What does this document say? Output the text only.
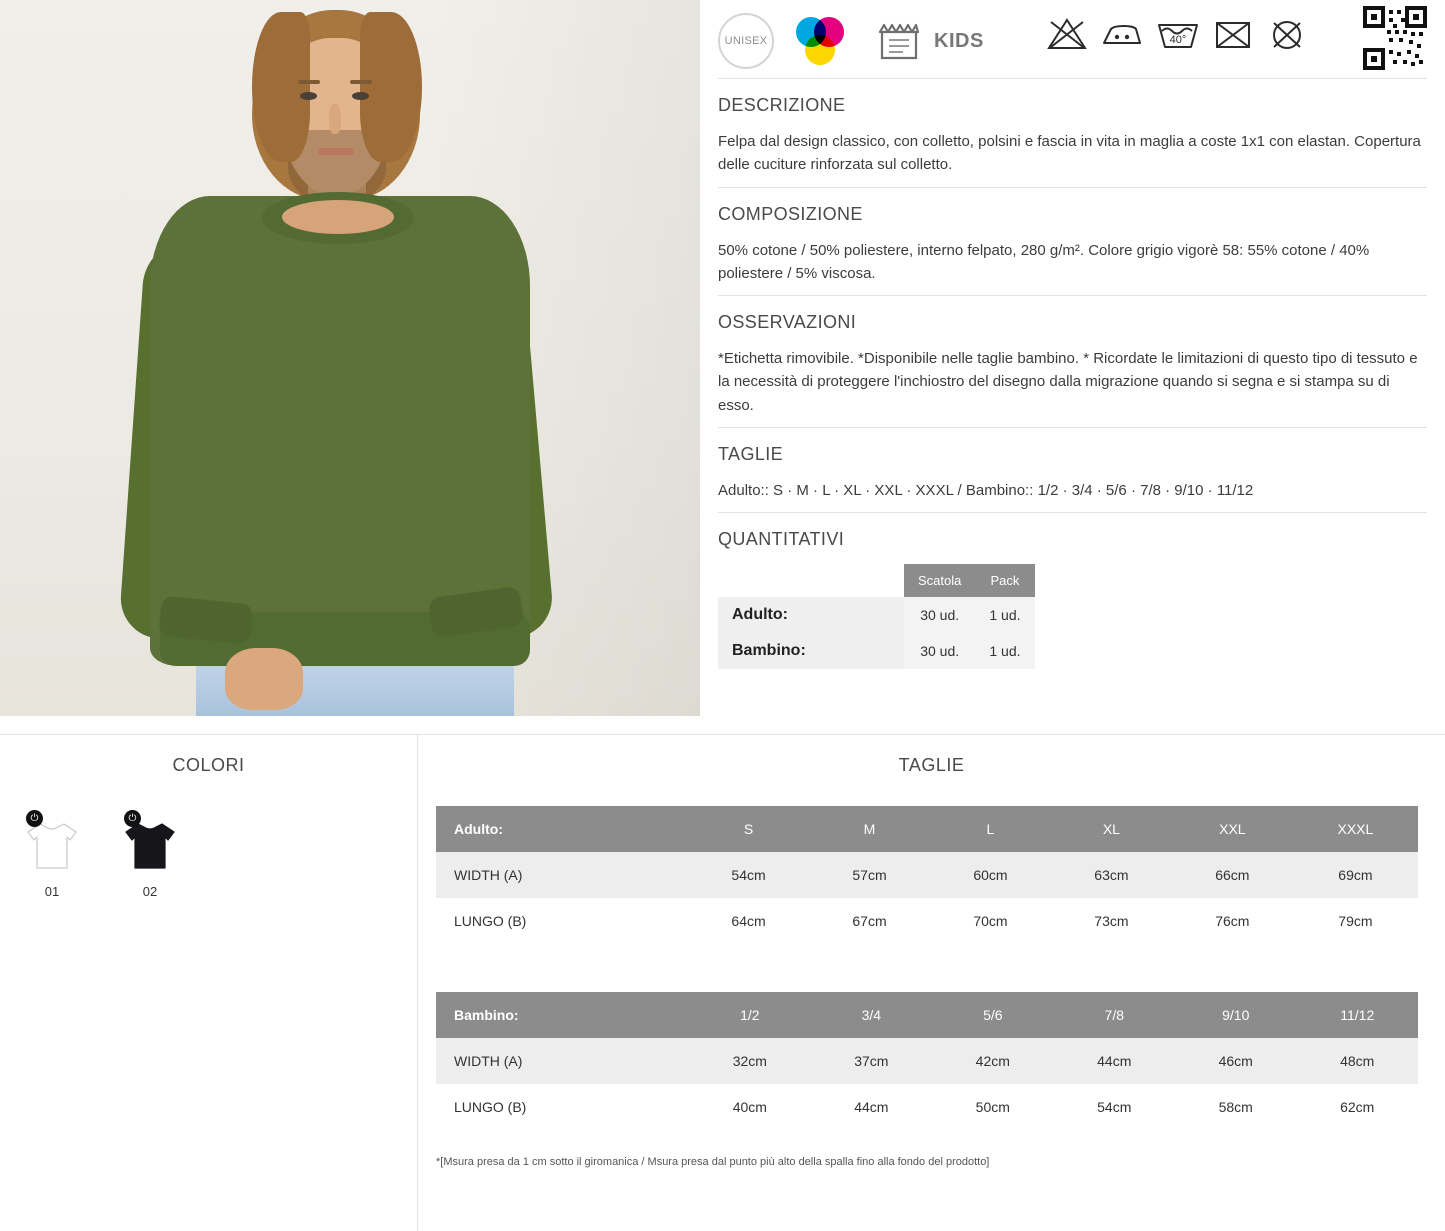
UNISEX	KIDS	40°
DESCRIZIONE

Felpa dal design classico, con colletto, polsini e fascia in vita in maglia a coste 1x1 con elastan. Copertura delle cuciture rinforzata sul colletto.

COMPOSIZIONE

50% cotone / 50% poliestere, interno felpato, 280 g/m². Colore grigio vigorè 58: 55% cotone / 40% poliestere / 5% viscosa.

OSSERVAZIONI

*Etichetta rimovibile. *Disponibile nelle taglie bambino. * Ricordate le limitazioni di questo tipo di tessuto e la necessità di proteggere l'inchiostro del disegno dalla migrazione quando si segna e si stampa su di esso.

TAGLIE

Adulto:: S · M · L · XL · XXL · XXXL / Bambino:: 1/2 · 3/4 · 5/6 · 7/8 · 9/10 · 11/12

QUANTITATIVI
	Scatola	Pack
Adulto:	30 ud.	1 ud.
Bambino:	30 ud.	1 ud.
COLORI
⏻
01
⏻
02
TAGLIE
Adulto:	S	M	L	XL	XXL	XXXL
WIDTH (A)	54cm	57cm	60cm	63cm	66cm	69cm
LUNGO (B)	64cm	67cm	70cm	73cm	76cm	79cm
Bambino:	1/2	3/4	5/6	7/8	9/10	11/12
WIDTH (A)	32cm	37cm	42cm	44cm	46cm	48cm
LUNGO (B)	40cm	44cm	50cm	54cm	58cm	62cm
*[Msura presa da 1 cm sotto il giromanica / Msura presa dal punto più alto della spalla fino alla fondo del prodotto]
